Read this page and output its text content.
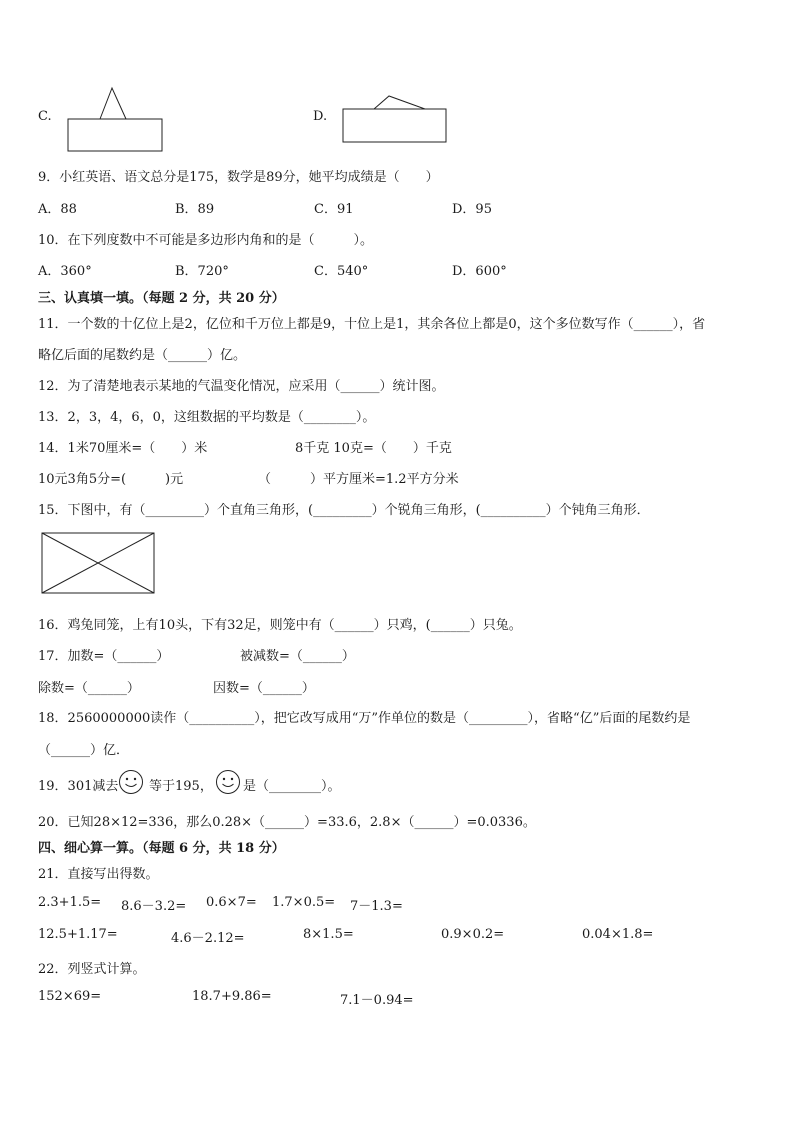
C.	D.
9．小红英语、语文总分是175，数学是89分，她平均成绩是（　　）
A．88	B．89	C．91	D．95
10．在下列度数中不可能是多边形内角和的是（　　　）。
A．360°	B．720°	C．540°	D．600°
三、认真填一填。（每题 2 分，共 20 分）
11．一个数的十亿位上是2，亿位和千万位上都是9，十位上是1，其余各位上都是0，这个多位数写作（______），省
略亿后面的尾数约是（______）亿。
12．为了清楚地表示某地的气温变化情况，应采用（______）统计图。
13．2，3，4，6，0，这组数据的平均数是（________）。
14．1米70厘米=（　　）米	8千克 10克=（　　）千克
10元3角5分=(　　　)元	（　　　）平方厘米=1.2平方分米
15．下图中，有（_________）个直角三角形，(_________）个锐角三角形，(__________）个钝角三角形．
16．鸡兔同笼，上有10头，下有32足，则笼中有（______）只鸡，(______）只兔。
17．加数=（______）	被减数=（______）
除数=（______）	因数=（______）
18．2560000000读作（__________），把它改写成用“万”作单位的数是（_________），省略“亿”后面的尾数约是
（______）亿．
19．301减去 等于195， 是（________）。
20．已知28×12=336，那么0.28×（______）=33.6，2.8×（______）=0.0336。
四、细心算一算。（每题 6 分，共 18 分）
21．直接写出得数。
2.3+1.5= 8.6－3.2= 0.6×7= 1.7×0.5= 7－1.3=
12.5+1.17=	4.6－2.12=	8×1.5=	0.9×0.2=	0.04×1.8=
22．列竖式计算。
152×69=	18.7+9.86=	7.1－0.94=
